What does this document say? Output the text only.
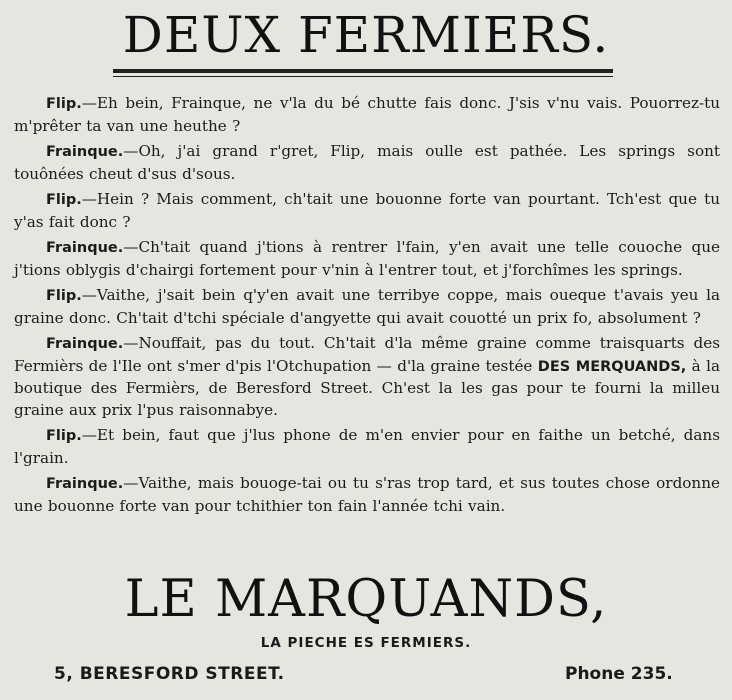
DEUX FERMIERS.

Flip.—Eh bein, Frainque, ne v'la du bé chutte fais donc. J'sis v'nu vais. Pouorrez-tu m'prêter ta van une heuthe ?

Frainque.—Oh, j'ai grand r'gret, Flip, mais oulle est pathée. Les springs sont touônées cheut d'sus d'sous.

Flip.—Hein ? Mais comment, ch'tait une bouonne forte van pourtant. Tch'est que tu y'as fait donc ?

Frainque.—Ch'tait quand j'tions à rentrer l'fain, y'en avait une telle couoche que j'tions oblygis d'chairgi fortement pour v'nin à l'entrer tout, et j'forchîmes les springs.

Flip.—Vaithe, j'sait bein q'y'en avait une terribye coppe, mais oueque t'avais yeu la graine donc. Ch'tait d'tchi spéciale d'angyette qui avait couotté un prix fo, absolument ?

Frainque.—Nouffait, pas du tout. Ch'tait d'la même graine comme traisquarts des Fermièrs de l'Ile ont s'mer d'pis l'Otchupation — d'la graine testée DES MERQUANDS, à la boutique des Fermièrs, de Beresford Street. Ch'est la les gas pour te fourni la milleu graine aux prix l'pus raisonnabye.

Flip.—Et bein, faut que j'lus phone de m'en envier pour en faithe un betché, dans l'grain.

Frainque.—Vaithe, mais bouoge-tai ou tu s'ras trop tard, et sus toutes chose ordonne une bouonne forte van pour tchithier ton fain l'année tchi vain.

LE MARQUANDS,
LA PIECHE ES FERMIERS.
5, BERESFORD STREET.	Phone 235.
